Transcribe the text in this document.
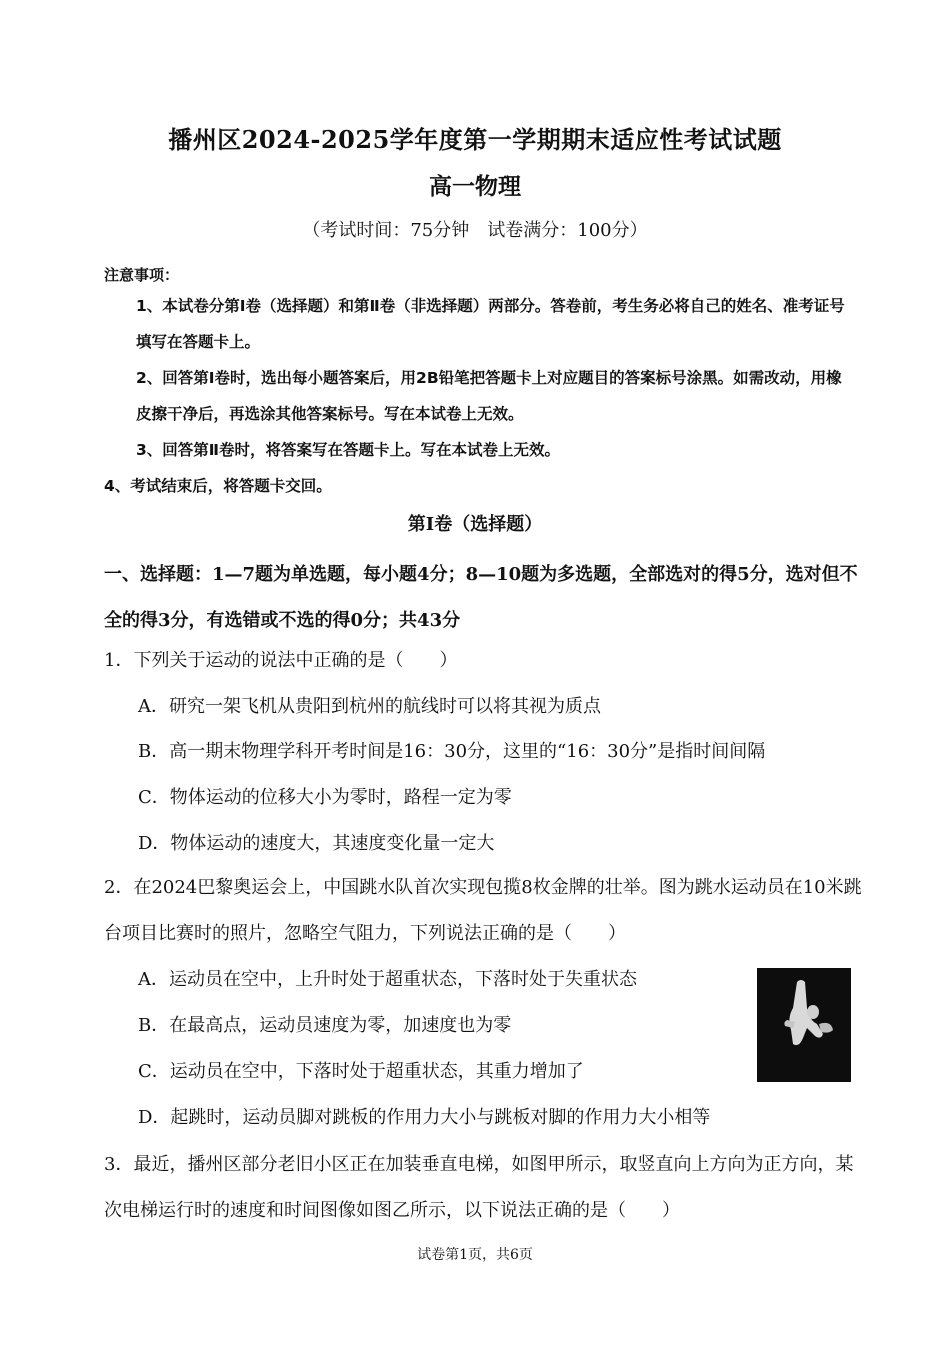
播州区2024-2025学年度第一学期期末适应性考试试题
高一物理
（考试时间：75分钟　试卷满分：100分）
注意事项：
1、本试卷分第Ⅰ卷（选择题）和第Ⅱ卷（非选择题）两部分。答卷前，考生务必将自己的姓名、准考证号填写在答题卡上。
2、回答第Ⅰ卷时，选出每小题答案后，用2B铅笔把答题卡上对应题目的答案标号涂黑。如需改动，用橡皮擦干净后，再选涂其他答案标号。写在本试卷上无效。
3、回答第Ⅱ卷时，将答案写在答题卡上。写在本试卷上无效。
4、考试结束后，将答题卡交回。
第Ⅰ卷（选择题）
一、选择题：1—7题为单选题，每小题4分；8—10题为多选题，全部选对的得5分，选对但不全的得3分，有选错或不选的得0分；共43分
1．下列关于运动的说法中正确的是（　　）
A．研究一架飞机从贵阳到杭州的航线时可以将其视为质点
B．高一期末物理学科开考时间是16：30分，这里的“16：30分”是指时间间隔
C．物体运动的位移大小为零时，路程一定为零
D．物体运动的速度大，其速度变化量一定大
2．在2024巴黎奥运会上，中国跳水队首次实现包揽8枚金牌的壮举。图为跳水运动员在10米跳台项目比赛时的照片，忽略空气阻力，下列说法正确的是（　　）
A．运动员在空中，上升时处于超重状态，下落时处于失重状态
B．在最高点，运动员速度为零，加速度也为零
C．运动员在空中，下落时处于超重状态，其重力增加了
D．起跳时，运动员脚对跳板的作用力大小与跳板对脚的作用力大小相等
3．最近，播州区部分老旧小区正在加装垂直电梯，如图甲所示，取竖直向上方向为正方向，某次电梯运行时的速度和时间图像如图乙所示，以下说法正确的是（　　）
试卷第1页，共6页
